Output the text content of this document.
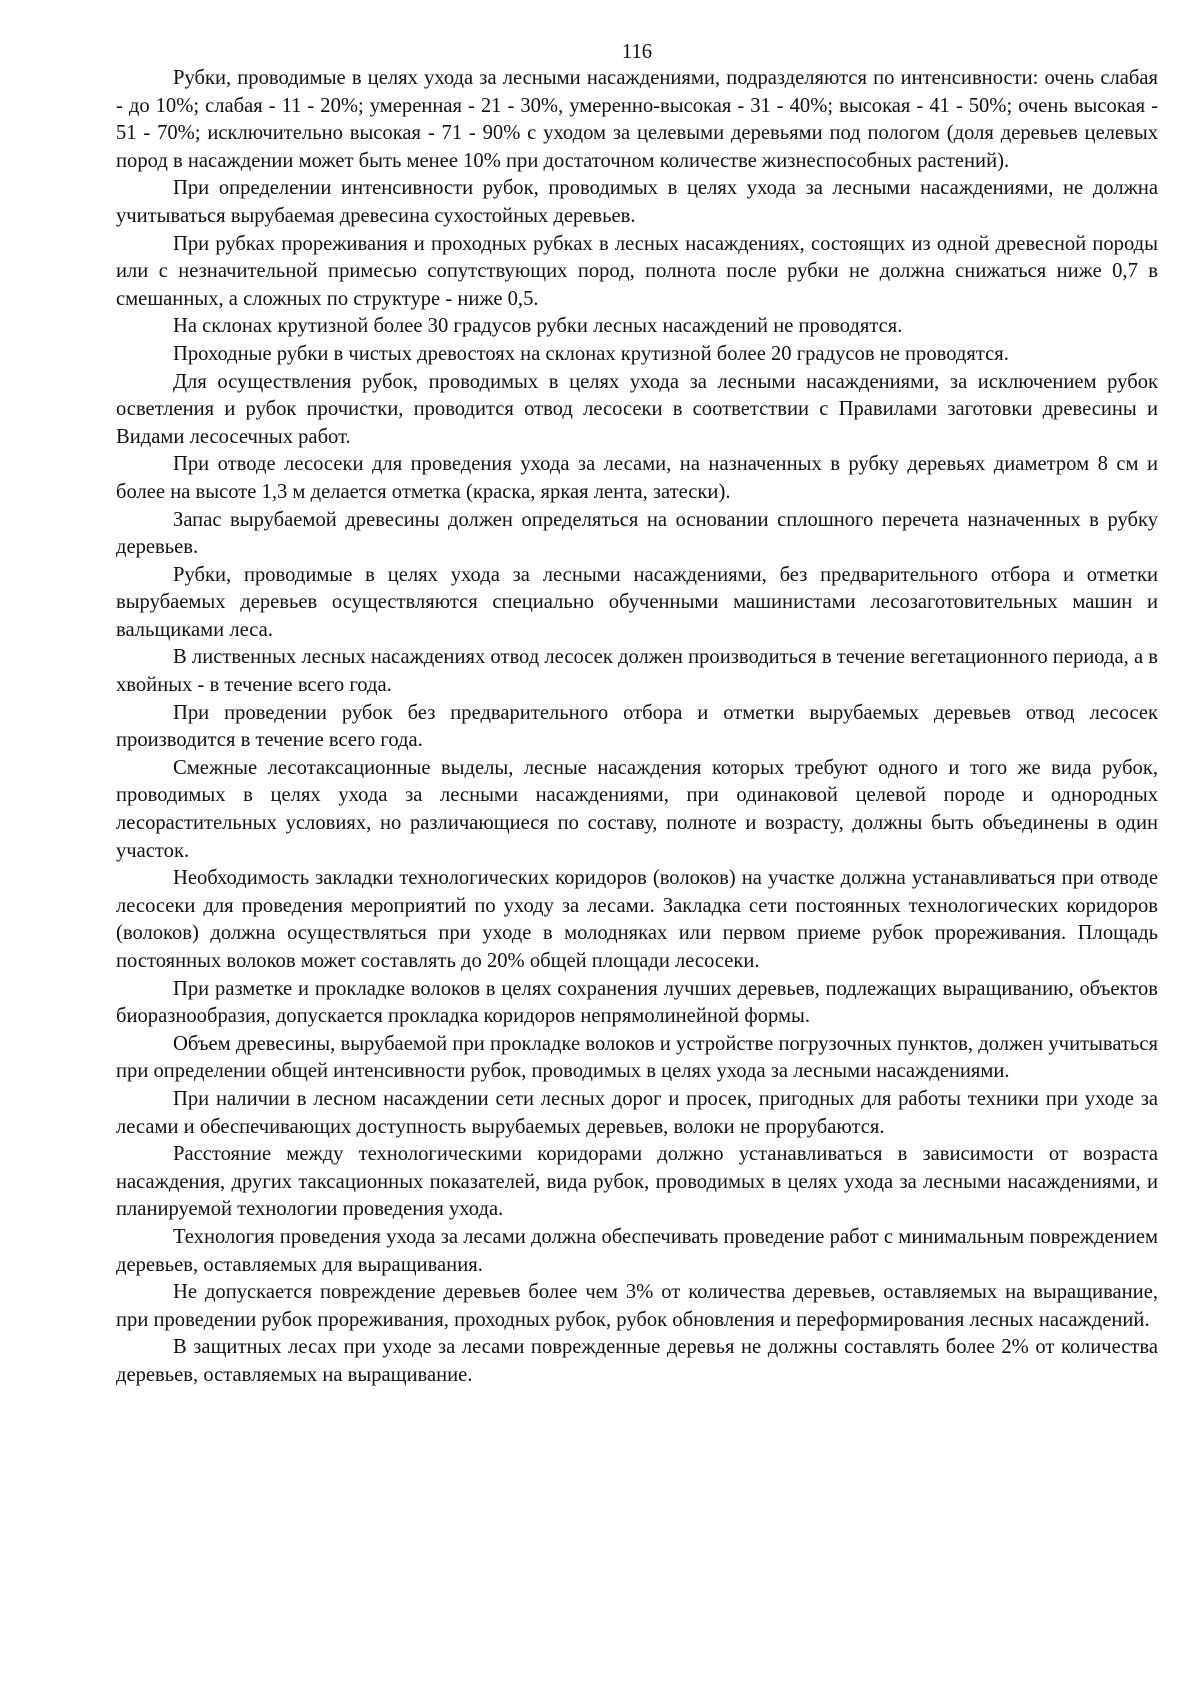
116

Рубки, проводимые в целях ухода за лесными насаждениями, подразделяются по интенсивности: очень слабая - до 10%; слабая - 11 - 20%; умеренная - 21 - 30%, умеренно-высокая - 31 - 40%; высокая - 41 - 50%; очень высокая - 51 - 70%; исключительно высокая - 71 - 90% с уходом за целевыми деревьями под пологом (доля деревьев целевых пород в насаждении может быть менее 10% при достаточном количестве жизнеспособных растений).

При определении интенсивности рубок, проводимых в целях ухода за лесными насаждениями, не должна учитываться вырубаемая древесина сухостойных деревьев.

При рубках прореживания и проходных рубках в лесных насаждениях, состоящих из одной древесной породы или с незначительной примесью сопутствующих пород, полнота после рубки не должна снижаться ниже 0,7 в смешанных, а сложных по структуре - ниже 0,5.

На склонах крутизной более 30 градусов рубки лесных насаждений не проводятся.

Проходные рубки в чистых древостоях на склонах крутизной более 20 градусов не проводятся.

Для осуществления рубок, проводимых в целях ухода за лесными насаждениями, за исключением рубок осветления и рубок прочистки, проводится отвод лесосеки в соответствии с Правилами заготовки древесины и Видами лесосечных работ.

При отводе лесосеки для проведения ухода за лесами, на назначенных в рубку деревьях диаметром 8 см и более на высоте 1,3 м делается отметка (краска, яркая лента, затески).

Запас вырубаемой древесины должен определяться на основании сплошного перечета назначенных в рубку деревьев.

Рубки, проводимые в целях ухода за лесными насаждениями, без предварительного отбора и отметки вырубаемых деревьев осуществляются специально обученными машинистами лесозаготовительных машин и вальщиками леса.

В лиственных лесных насаждениях отвод лесосек должен производиться в течение вегетационного периода, а в хвойных - в течение всего года.

При проведении рубок без предварительного отбора и отметки вырубаемых деревьев отвод лесосек производится в течение всего года.

Смежные лесотаксационные выделы, лесные насаждения которых требуют одного и того же вида рубок, проводимых в целях ухода за лесными насаждениями, при одинаковой целевой породе и однородных лесорастительных условиях, но различающиеся по составу, полноте и возрасту, должны быть объединены в один участок.

Необходимость закладки технологических коридоров (волоков) на участке должна устанавливаться при отводе лесосеки для проведения мероприятий по уходу за лесами. Закладка сети постоянных технологических коридоров (волоков) должна осуществляться при уходе в молодняках или первом приеме рубок прореживания. Площадь постоянных волоков может составлять до 20% общей площади лесосеки.

При разметке и прокладке волоков в целях сохранения лучших деревьев, подлежащих выращиванию, объектов биоразнообразия, допускается прокладка коридоров непрямолинейной формы.

Объем древесины, вырубаемой при прокладке волоков и устройстве погрузочных пунктов, должен учитываться при определении общей интенсивности рубок, проводимых в целях ухода за лесными насаждениями.

При наличии в лесном насаждении сети лесных дорог и просек, пригодных для работы техники при уходе за лесами и обеспечивающих доступность вырубаемых деревьев, волоки не прорубаются.

Расстояние между технологическими коридорами должно устанавливаться в зависимости от возраста насаждения, других таксационных показателей, вида рубок, проводимых в целях ухода за лесными насаждениями, и планируемой технологии проведения ухода.

Технология проведения ухода за лесами должна обеспечивать проведение работ с минимальным повреждением деревьев, оставляемых для выращивания.

Не допускается повреждение деревьев более чем 3% от количества деревьев, оставляемых на выращивание, при проведении рубок прореживания, проходных рубок, рубок обновления и переформирования лесных насаждений.

В защитных лесах при уходе за лесами поврежденные деревья не должны составлять более 2% от количества деревьев, оставляемых на выращивание.
